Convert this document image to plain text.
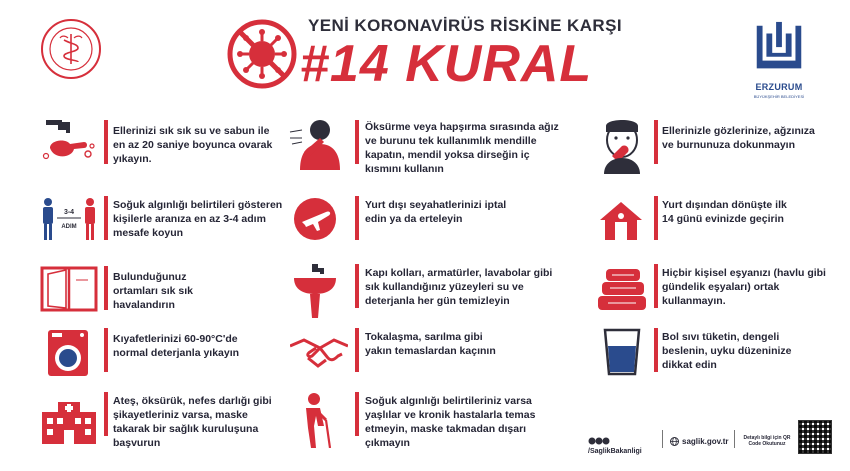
YENİ KORONAVİRÜS RİSKİNE KARŞI
#14 KURAL	ERZURUM
BÜYÜKŞEHİR BELEDİYESİ
Ellerinizi sık sık su ve sabun ile en az 20 saniye boyunca ovarak yıkayın.
3-4
ADIM
Soğuk algınlığı belirtileri gösteren kişilerle aranıza en az 3-4 adım mesafe koyun
Bulunduğunuz ortamları sık sık havalandırın
Kıyafetlerinizi 60-90°C'de normal deterjanla yıkayın
Ateş, öksürük, nefes darlığı gibi şikayetleriniz varsa, maske takarak bir sağlık kuruluşuna başvurun
Öksürme veya hapşırma sırasında ağız ve burunu tek kullanımlık mendille kapatın, mendil yoksa dirseğin iç kısmını kullanın
Yurt dışı seyahatlerinizi iptal edin ya da erteleyin
Kapı kolları, armatürler, lavabolar gibi sık kullandığınız yüzeyleri su ve deterjanla her gün temizleyin
Tokalaşma, sarılma gibi yakın temaslardan kaçının
Soğuk algınlığı belirtileriniz varsa yaşlılar ve kronik hastalarla temas etmeyin, maske takmadan dışarı çıkmayın
Ellerinizle gözlerinize, ağzınıza ve burnunuza dokunmayın
Yurt dışından dönüşte ilk 14 günü evinizde geçirin
Hiçbir kişisel eşyanızı (havlu gibi gündelik eşyaları) ortak kullanmayın.
Bol sıvı tüketin, dengeli beslenin, uyku düzeninize dikkat edin
/SaglikBakanligi
saglik.gov.tr	Detaylı bilgi için QR Code Okutunuz
